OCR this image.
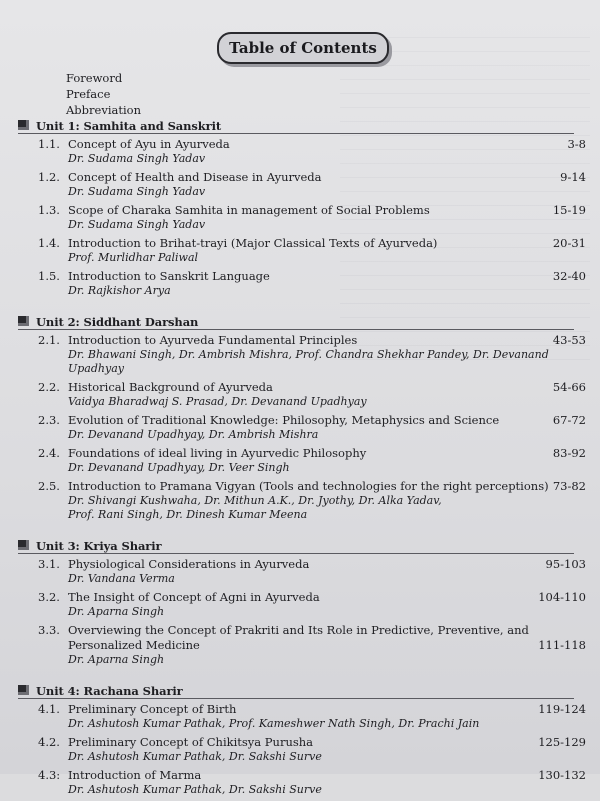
Table of Contents
Foreword
Preface
Abbreviation
Unit 1: Samhita and Sanskrit
1.1. Concept of Ayu in Ayurveda	3-8
Dr. Sudama Singh Yadav
1.2. Concept of Health and Disease in Ayurveda	9-14
Dr. Sudama Singh Yadav
1.3. Scope of Charaka Samhita in management of Social Problems	15-19
Dr. Sudama Singh Yadav
1.4. Introduction to Brihat-trayi (Major Classical Texts of Ayurveda)	20-31
Prof. Murlidhar Paliwal
1.5. Introduction to Sanskrit Language	32-40
Dr. Rajkishor Arya
Unit 2: Siddhant Darshan
2.1. Introduction to Ayurveda Fundamental Principles	43-53
Dr. Bhawani Singh, Dr. Ambrish Mishra, Prof. Chandra Shekhar Pandey, Dr. Devanand Upadhyay
2.2. Historical Background of Ayurveda	54-66
Vaidya Bharadwaj S. Prasad, Dr. Devanand Upadhyay
2.3. Evolution of Traditional Knowledge: Philosophy, Metaphysics and Science	67-72
Dr. Devanand Upadhyay, Dr. Ambrish Mishra
2.4. Foundations of ideal living in Ayurvedic Philosophy	83-92
Dr. Devanand Upadhyay, Dr. Veer Singh
2.5. Introduction to Pramana Vigyan (Tools and technologies for the right perceptions) 73-82
Dr. Shivangi Kushwaha, Dr. Mithun A.K., Dr. Jyothy, Dr. Alka Yadav,
Prof. Rani Singh, Dr. Dinesh Kumar Meena
Unit 3: Kriya Sharir
3.1. Physiological Considerations in Ayurveda	95-103
Dr. Vandana Verma
3.2. The Insight of Concept of Agni in Ayurveda	104-110
Dr. Aparna Singh
3.3. Overviewing the Concept of Prakriti and Its Role in Predictive, Preventive, and
Personalized Medicine	111-118
Dr. Aparna Singh
Unit 4: Rachana Sharir
4.1. Preliminary Concept of Birth	119-124
Dr. Ashutosh Kumar Pathak, Prof. Kameshwer Nath Singh, Dr. Prachi Jain
4.2. Preliminary Concept of Chikitsya Purusha	125-129
Dr. Ashutosh Kumar Pathak, Dr. Sakshi Surve
4.3: Introduction of Marma	130-132
Dr. Ashutosh Kumar Pathak, Dr. Sakshi Surve
